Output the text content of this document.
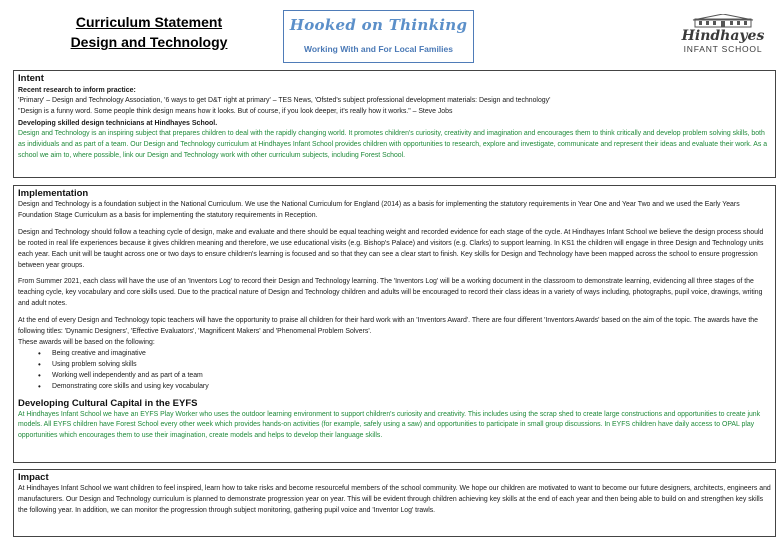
Curriculum Statement
Design and Technology
Hooked on Thinking
Working With and For Local Families
Hindhayes
INFANT SCHOOL
Intent
Recent research to inform practice:

'Primary' – Design and Technology Association, '6 ways to get D&T right at primary' – TES News, 'Ofsted's subject professional development materials: Design and technology'

"Design is a funny word. Some people think design means how it looks. But of course, if you look deeper, it's really how it works." – Steve Jobs

Developing skilled design technicians at Hindhayes School.

Design and Technology is an inspiring subject that prepares children to deal with the rapidly changing world. It promotes children's curiosity, creativity and imagination and encourages them to think critically and develop problem solving skills, both as individuals and as part of a team. Our Design and Technology curriculum at Hindhayes Infant School provides children with opportunities to research, explore and investigate, communicate and represent their ideas and evaluate their work. As a school we aim to, where possible, link our Design and Technology work with other curriculum subjects, including Forest School.

Implementation

Design and Technology is a foundation subject in the National Curriculum. We use the National Curriculum for England (2014) as a basis for implementing the statutory requirements in Year One and Year Two and we used the Early Years Foundation Stage Curriculum as a basis for implementing the statutory requirements in Reception.

Design and Technology should follow a teaching cycle of design, make and evaluate and there should be equal teaching weight and recorded evidence for each stage of the cycle. At Hindhayes Infant School we believe the design process should be rooted in real life experiences because it gives children meaning and therefore, we use educational visits (e.g. Bishop's Palace) and visitors (e.g. Clarks) to support learning. In KS1 the children will engage in three Design and Technology units each year. Each unit will be taught across one or two days to ensure children's learning is focused and so that they can see a clear start to finish. Key skills for Design and Technology have been mapped across the school to ensure progression between year groups.

From Summer 2021, each class will have the use of an 'Inventors Log' to record their Design and Technology learning. The 'Inventors Log' will be a working document in the classroom to demonstrate learning, evidencing all three stages of the teaching cycle, key vocabulary and core skills used. Due to the practical nature of Design and Technology children and adults will be encouraged to record their class ideas in a variety of ways including, photographs, pupil voice, drawings, writing and adult notes.

At the end of every Design and Technology topic teachers will have the opportunity to praise all children for their hard work with an 'Inventors Award'. There are four different 'Inventors Awards' based on the aim of the topic. The awards have the following titles: 'Dynamic Designers', 'Effective Evaluators', 'Magnificent Makers' and 'Phenomenal Problem Solvers'.

These awards will be based on the following:

• Being creative and imaginative
• Using problem solving skills
• Working well independently and as part of a team
• Demonstrating core skills and using key vocabulary
Developing Cultural Capital in the EYFS

At Hindhayes Infant School we have an EYFS Play Worker who uses the outdoor learning environment to support children's curiosity and creativity. This includes using the scrap shed to create large constructions and opportunities to create junk models. All EYFS children have Forest School every other week which provides hands-on activities (for example, safely using a saw) and opportunities to participate in small group discussions. In EYFS children have daily access to OPAL play opportunities which encourages them to use their imagination, create models and helps to develop their language skills.

Impact

At Hindhayes Infant School we want children to feel inspired, learn how to take risks and become resourceful members of the school community. We hope our children are motivated to want to become our future designers, architects, engineers and manufacturers. Our Design and Technology curriculum is planned to demonstrate progression year on year. This will be evident through children achieving key skills at the end of each year and then being able to build on and strengthen key skills the following year. In addition, we can monitor the progression through subject monitoring, gathering pupil voice and 'Inventor Log' trawls.
